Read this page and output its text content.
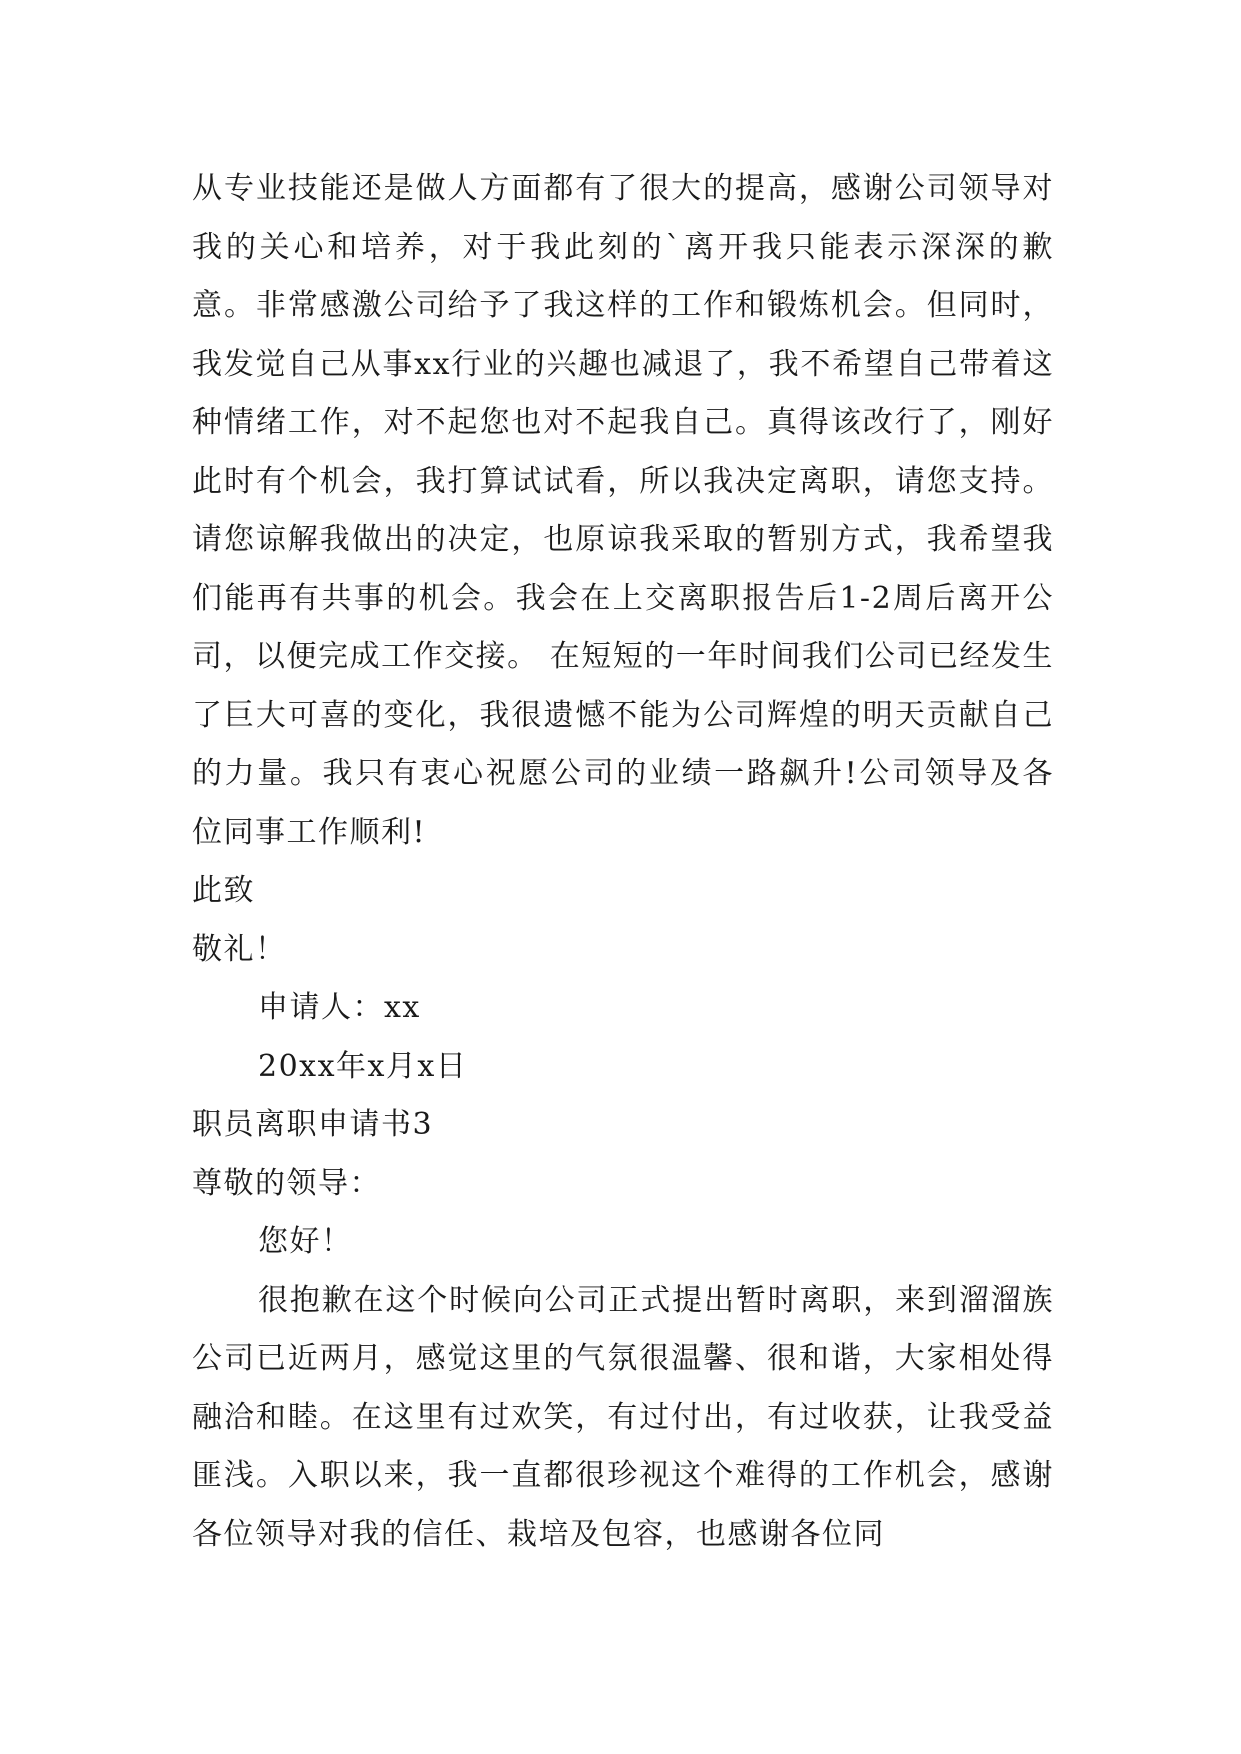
从专业技能还是做人方面都有了很大的提高，感谢公司领导对我的关心和培养，对于我此刻的`离开我只能表示深深的歉意。非常感激公司给予了我这样的工作和锻炼机会。但同时，我发觉自己从事xx行业的兴趣也减退了，我不希望自己带着这种情绪工作，对不起您也对不起我自己。真得该改行了，刚好此时有个机会，我打算试试看，所以我决定离职，请您支持。 请您谅解我做出的决定，也原谅我采取的暂别方式，我希望我们能再有共事的机会。我会在上交离职报告后1-2周后离开公司，以便完成工作交接。 在短短的一年时间我们公司已经发生了巨大可喜的变化，我很遗憾不能为公司辉煌的明天贡献自己的力量。我只有衷心祝愿公司的业绩一路飙升!公司领导及各位同事工作顺利!

此致

敬礼！

申请人：xx

20xx年x月x日

职员离职申请书3

尊敬的领导：

您好！

很抱歉在这个时候向公司正式提出暂时离职，来到溜溜族公司已近两月，感觉这里的气氛很温馨、很和谐，大家相处得融洽和睦。在这里有过欢笑，有过付出，有过收获，让我受益匪浅。入职以来，我一直都很珍视这个难得的工作机会，感谢各位领导对我的信任、栽培及包容，也感谢各位同
